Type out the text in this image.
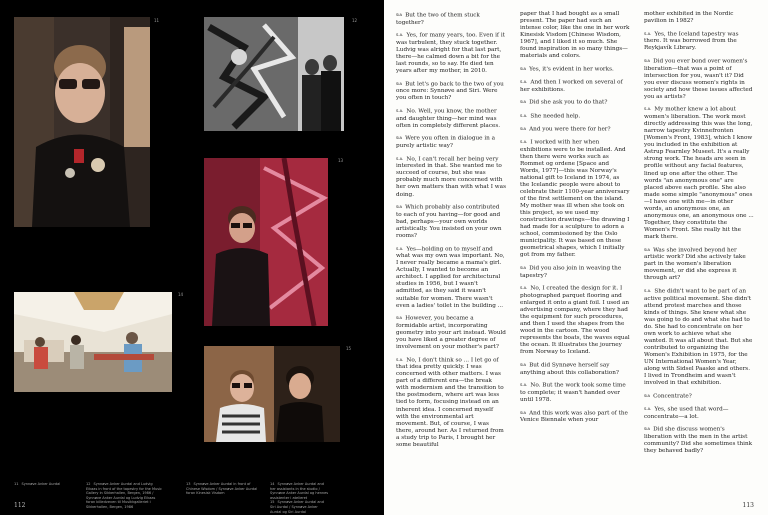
11	12
13
14
15
11 Synnøve Anker Aurdal	12 Synnøve Anker Aurdal and Ludvig Eikaas in front of the tapestry for the Music Gallery in Sikkerhallen, Bergen, 1986 / Synnøve Anker Aurdal og Ludvig Eikaas foran billedveven til Musikkgalleriet i Sikkerhallen, Bergen, 1986
13 Synnøve Anker Aurdal in front of Chinese Wisdom / Synnøve Anker Aurdal foran Kinesisk Visdom
14 Synnøve Anker Aurdal and her assistants in the studio / Synnøve Anker Aurdal og hennes assistenter i atelieret
15 Synnøve Anker Aurdal and Siri Aurdal / Synnøve Anker Aurdal og Siri Aurdal
112

SiA But the two of them stuck together?

S.A. Yes, for many years, too. Even if it was turbulent, they stuck together. Ludvig was alright for that last part, there—he calmed down a bit for the last rounds, so to say. He died ten years after my mother, in 2010.

SiA But let's go back to the two of you once more: Synnøve and Siri. Were you often in touch?

S.A. No. Well, you know, the mother and daughter thing—her mind was often in completely different places.

SiA Were you often in dialogue in a purely artistic way?

S.A. No, I can't recall her being very interested in that. She wanted me to succeed of course, but she was probably much more concerned with her own matters than with what I was doing.

SiA Which probably also contributed to each of you having—for good and bad, perhaps—your own worlds artistically. You insisted on your own rooms?

S.A. Yes—holding on to myself and what was my own was important. No, I never really became a mama's girl. Actually, I wanted to become an architect. I applied for architectural studies in 1956, but I wasn't admitted, as they said it wasn't suitable for women. There wasn't even a ladies' toilet in the building ...

SiA However, you became a formidable artist, incorporating geometry into your art instead. Would you have liked a greater degree of involvement on your mother's part?

S.A. No, I don't think so ... I let go of that idea pretty quickly. I was concerned with other matters. I was part of a different era—the break with modernism and the transition to the postmodern, where art was less tied to form, focusing instead on an inherent idea. I concerned myself with the environmental art movement. But, of course, I was there, around her. As I returned from a study trip to Paris, I brought her some beautiful

paper that I had bought as a small present. The paper had such an intense color, like the one in her work Kinesisk Visdom [Chinese Wisdom, 1967], and I liked it so much. She found inspiration in so many things—materials and colors.

SiA Yes, it's evident in her works.

S.A. And then I worked on several of her exhibitions.

SiA Did she ask you to do that?

S.A. She needed help.

SiA And you were there for her?

S.A. I worked with her when exhibitions were to be installed. And then there were works such as Rommet og ordene [Space and Words, 1977]—this was Norway's national gift to Iceland in 1974, as the Icelandic people were about to celebrate their 1100-year anniversary of the first settlement on the island. My mother was ill when she took on this project, so we used my construction drawings—the drawing I had made for a sculpture to adorn a school, commissioned by the Oslo municipality. It was based on these geometrical shapes, which I initially got from my father.

SiA Did you also join in weaving the tapestry?

S.A. No, I created the design for it. I photographed parquet flooring and enlarged it onto a giant foil. I used an advertising company, where they had the equipment for such procedures, and then I used the shapes from the wood in the cartoon. The wood represents the boats, the waves equal the ocean. It illustrates the journey from Norway to Iceland.

SiA But did Synnøve herself say anything about this collaboration?

S.A. No. But the work took some time to complete; it wasn't handed over until 1978.

SiA And this work was also part of the Venice Biennale when your

mother exhibited in the Nordic pavilion in 1982?

S.A. Yes, the Iceland tapestry was there. It was borrowed from the Reykjavík Library.

SiA Did you ever bond over women's liberation—that was a point of intersection for you, wasn't it? Did you ever discuss women's rights in society and how these issues affected you as artists?

S.A. My mother knew a lot about women's liberation. The work most directly addressing this was the long, narrow tapestry Kvinnefronten [Women's Front, 1983], which I know you included in the exhibition at Astrup Fearnley Museet. It's a really strong work. The heads are seen in profile without any facial features, lined up one after the other. The words "an anonymous one" are placed above each profile. She also made some simple "anonymous" ones—I have one with me—in other words, an anonymous one, an anonymous one, an anonymous one ... Together, they constitute the Women's Front. She really hit the mark there.

SiA Was she involved beyond her artistic work? Did she actively take part in the women's liberation movement, or did she express it through art?

S.A. She didn't want to be part of an active political movement. She didn't attend protest marches and those kinds of things. She knew what she was going to do and what she had to do. She had to concentrate on her own work to achieve what she wanted. It was all about that. But she contributed to organizing the Women's Exhibition in 1975, for the UN International Women's Year, along with Sidsel Paaske and others. I lived in Trondheim and wasn't involved in that exhibition.

SiA Concentrate?

S.A. Yes, she used that word—concentrate—a lot.

SiA Did she discuss women's liberation with the men in the artist community? Did she sometimes think they behaved badly?

113
